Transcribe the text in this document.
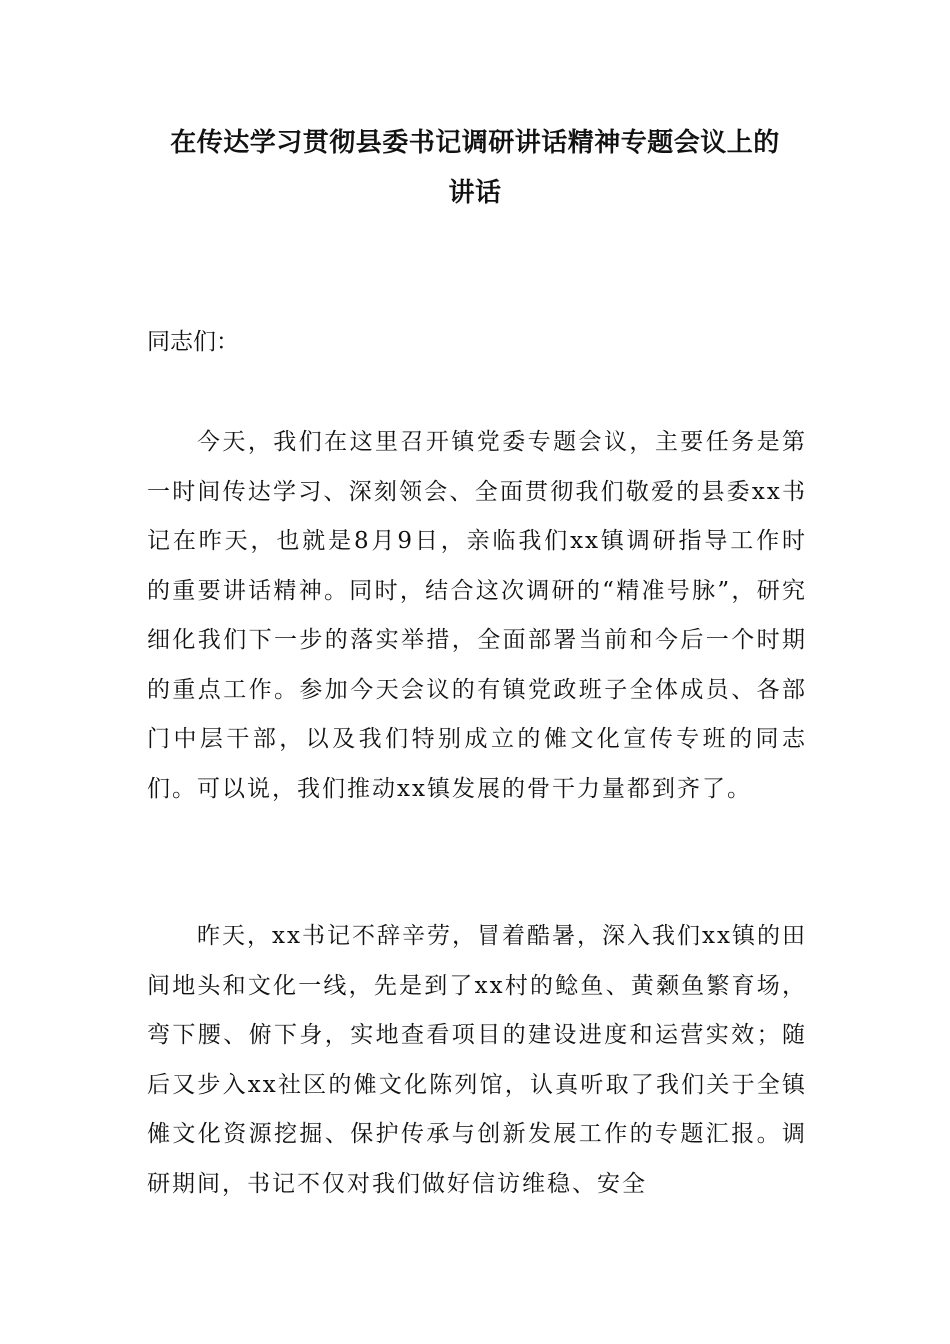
在传达学习贯彻县委书记调研讲话精神专题会议上的
讲话

同志们：

今天，我们在这里召开镇党委专题会议，主要任务是第一时间传达学习、深刻领会、全面贯彻我们敬爱的县委xx书记在昨天，也就是8月9日，亲临我们xx镇调研指导工作时的重要讲话精神。同时，结合这次调研的“精准号脉”，研究细化我们下一步的落实举措，全面部署当前和今后一个时期的重点工作。参加今天会议的有镇党政班子全体成员、各部门中层干部，以及我们特别成立的傩文化宣传专班的同志们。可以说，我们推动xx镇发展的骨干力量都到齐了。

昨天，xx书记不辞辛劳，冒着酷暑，深入我们xx镇的田间地头和文化一线，先是到了xx村的鲶鱼、黄颡鱼繁育场，弯下腰、俯下身，实地查看项目的建设进度和运营实效；随后又步入xx社区的傩文化陈列馆，认真听取了我们关于全镇傩文化资源挖掘、保护传承与创新发展工作的专题汇报。调研期间，书记不仅对我们做好信访维稳、安全
